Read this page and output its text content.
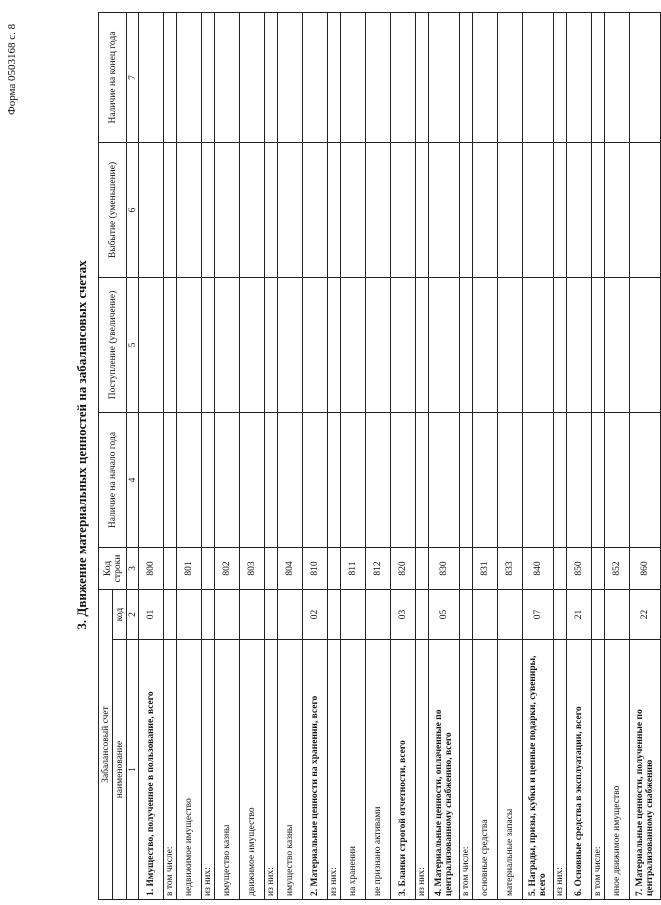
Форма 0503168 с. 8
3. Движение материальных ценностей на забалансовых счетах
Забалансовый счет		Код строки	Наличие на начало года	Поступление (увеличение)	Выбытие (уменьшение)	Наличие на конец года
наименование	код					
1	2	3	4	5	6	7
1. Имущество, полученное в пользование, всего	01	800				
в том числе:						
недвижимое имущество		801				
из них:						
имущество казны		802				
движимое имущество		803				
из них:						
имущество казны		804				
2. Материальные ценности на хранении, всего	02	810				
из них:						
на хранении		811				
не признано активами		812				
3. Бланки строгой отчетности, всего	03	820				
из них:						
4. Материальные ценности, оплаченные по централизованному снабжению, всего	05	830				
в том числе:						
основные средства		831				
материальные запасы		833				
5. Награды, призы, кубки и ценные подарки, сувениры, всего	07	840				
из них:						
6. Основные средства в эксплуатации, всего	21	850				
в том числе:						
иное движимое имущество		852				
7. Материальные ценности, полученные по централизованному снабжению	22	860				
